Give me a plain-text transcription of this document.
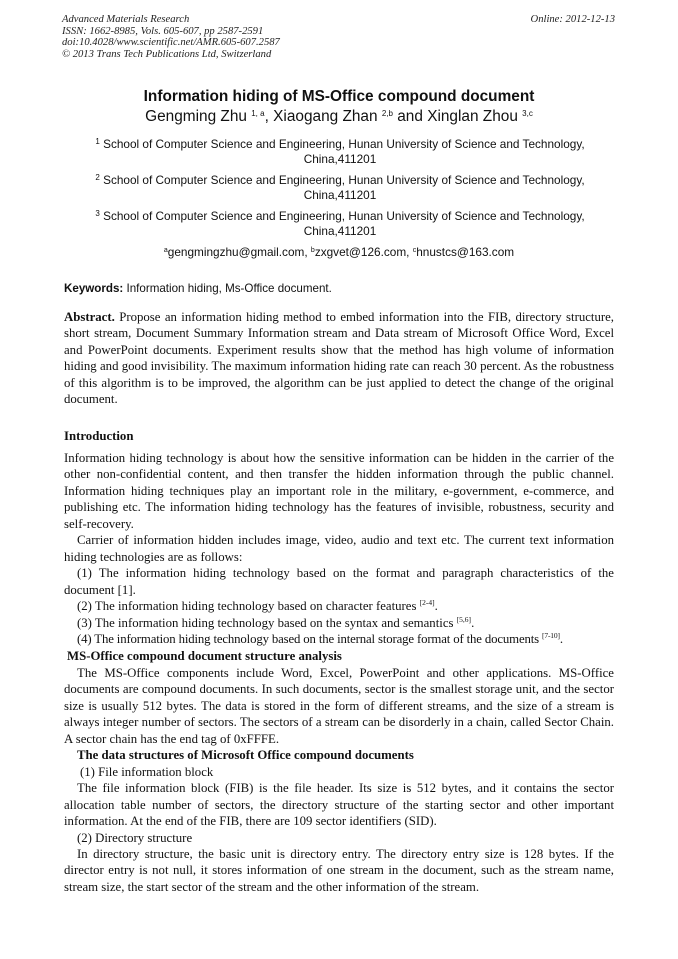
Advanced Materials Research
ISSN: 1662-8985, Vols. 605-607, pp 2587-2591
doi:10.4028/www.scientific.net/AMR.605-607.2587
© 2013 Trans Tech Publications Ltd, Switzerland
Online: 2012-12-13
Information hiding of MS-Office compound document
Gengming Zhu $^{1, a}$, Xiaogang Zhan $^{2,b}$ and Xinglan Zhou $^{3,c}$
$^1$ School of Computer Science and Engineering, Hunan University of Science and Technology,
China,411201
$^2$ School of Computer Science and Engineering, Hunan University of Science and Technology,
China,411201
$^3$ School of Computer Science and Engineering, Hunan University of Science and Technology,
China,411201
$^a$gengmingzhu@gmail.com, $^b$zxgvet@126.com, $^c$hnustcs@163.com
Keywords: Information hiding, Ms-Office document.

Abstract. Propose an information hiding method to embed information into the FIB, directory structure, short stream, Document Summary Information stream and Data stream of Microsoft Office Word, Excel and PowerPoint documents. Experiment results show that the method has high volume of information hiding and good invisibility. The maximum information hiding rate can reach 30 percent. As the robustness of this algorithm is to be improved, the algorithm can be just applied to detect the change of the original document.

Introduction

Information hiding technology is about how the sensitive information can be hidden in the carrier of the other non-confidential content, and then transfer the hidden information through the public channel. Information hiding techniques play an important role in the military, e-government, e-commerce, and publishing etc. The information hiding technology has the features of invisible, robustness, security and self-recovery.

Carrier of information hidden includes image, video, audio and text etc. The current text information hiding technologies are as follows:

(1) The information hiding technology based on the format and paragraph characteristics of the document [1].

(2) The information hiding technology based on character features [2-4].

(3) The information hiding technology based on the syntax and semantics [5,6].

(4) The information hiding technology based on the internal storage format of the documents [7-10].

MS-Office compound document structure analysis

The MS-Office components include Word, Excel, PowerPoint and other applications. MS-Office documents are compound documents. In such documents, sector is the smallest storage unit, and the sector size is usually 512 bytes. The data is stored in the form of different streams, and the size of a stream is always integer number of sectors. The sectors of a stream can be disorderly in a chain, called Sector Chain. A sector chain has the end tag of 0xFFFE.

The data structures of Microsoft Office compound documents

(1) File information block

The file information block (FIB) is the file header. Its size is 512 bytes, and it contains the sector allocation table number of sectors, the directory structure of the starting sector and other important information. At the end of the FIB, there are 109 sector identifiers (SID).

(2) Directory structure

In directory structure, the basic unit is directory entry. The directory entry size is 128 bytes. If the director entry is not null, it stores information of one stream in the document, such as the stream name, stream size, the start sector of the stream and the other information of the stream.
